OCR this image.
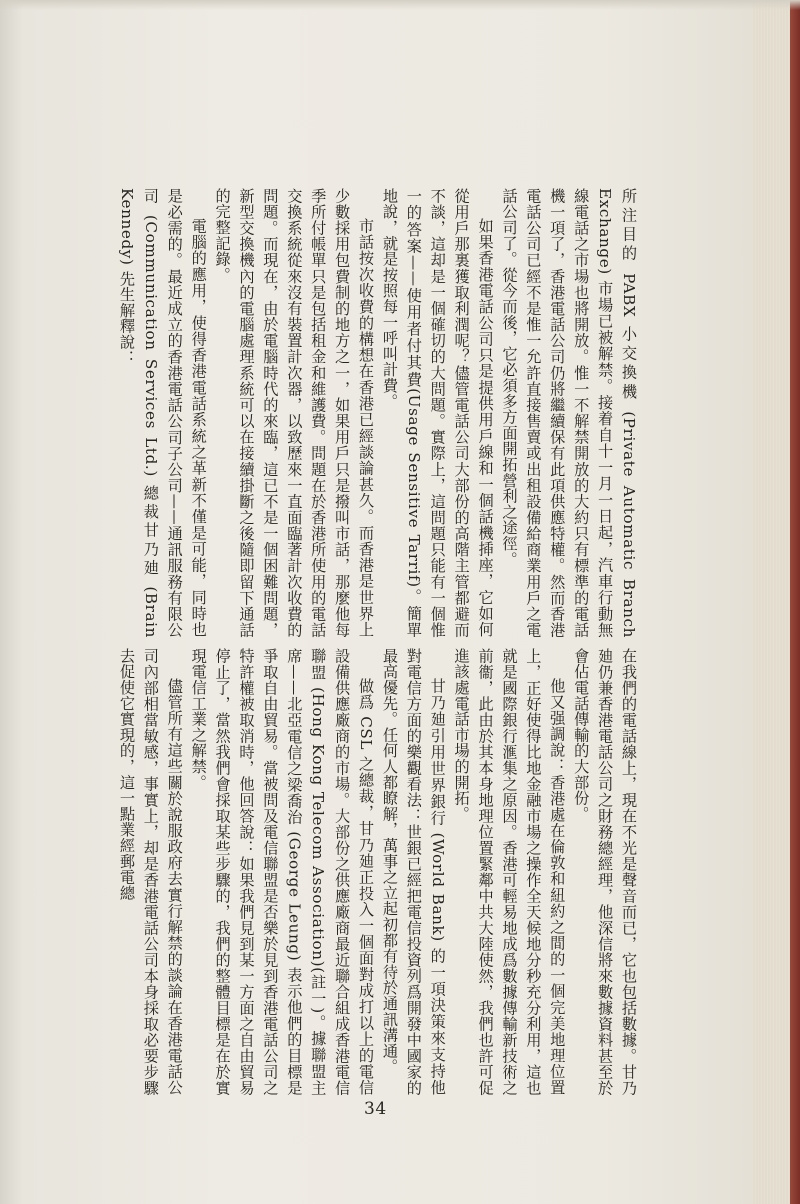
所注目的 PABX 小交換機 (Private Automatic Branch Exchange) 市場已被解禁。接着自十一月一日起，汽車行動無線電話之市場也將開放。惟一不解禁開放的大約只有標準的電話機一項了，香港電話公司仍將繼續保有此項供應特權。然而香港電話公司已經不是惟一允許直接售賣或出租設備給商業用戶之電話公司了。從今而後，它必須多方面開拓營利之途徑。

如果香港電話公司只是提供用戶線和一個話機揷座，它如何從用戶那裏獲取利潤呢？儘管電話公司大部份的高階主管都避而不談，這却是一個確切的大問題。實際上，這問題只能有一個惟一的答案——使用者付其費(Usage Sensitive Tarrif)。簡單地說，就是按照每一呼叫計費。

市話按次收費的構想在香港已經談論甚久。而香港是世界上少數採用包費制的地方之一，如果用戶只是撥叫市話，那麼他每季所付帳單只是包括租金和維護費。問題在於香港所使用的電話交換系統從來沒有裝置計次器，以致歷來一直面臨著計次收費的問題。而現在，由於電腦時代的來臨，這已不是一個困難問題，新型交換機內的電腦處理系統可以在接續掛斷之後隨即留下通話的完整記錄。

電腦的應用，使得香港電話系統之革新不僅是可能，同時也是必需的。最近成立的香港電話公司子公司——通訊服務有限公司 (Communication Services Ltd.) 總裁甘乃廸 (Brain Kennedy) 先生解釋說：

在我們的電話線上，現在不光是聲音而已，它也包括數據。甘乃廸仍兼香港電話公司之財務總經理，他深信將來數據資料甚至於會佔電話傳輸的大部份。

他又强調說：香港處在倫敦和紐約之間的一個完美地理位置上，正好使得比地金融市場之操作全天候地分秒充分利用，這也就是國際銀行滙集之原因。香港可輕易地成爲數據傳輸新技術之前衞，此由於其本身地理位置緊鄰中共大陸使然，我們也許可促進該處電話市場的開拓。

甘乃廸引用世界銀行 (World Bank) 的一項決策來支持他對電信方面的樂觀看法：世銀已經把電信投資列爲開發中國家的最高優先。任何人都瞭解，萬事之立起初都有待於通訊溝通。

做爲 CSL 之總裁，甘乃廸正投入一個面對成打以上的電信設備供應廠商的市場。大部份之供應廠商最近聯合組成香港電信聯盟 (Hong Kong Telecom Association)(註一)。據聯盟主席——北亞電信之梁喬治 (George Leung) 表示他們的目標是爭取自由貿易。當被問及電信聯盟是否樂於見到香港電話公司之特許權被取消時，他回答說：如果我們見到某一方面之自由貿易停止了，當然我們會採取某些步驟的，我們的整體目標是在於實現電信工業之解禁。

儘管所有這些關於說服政府去實行解禁的談論在香港電話公司內部相當敏感，事實上，却是香港電話公司本身採取必要步驟去促使它實現的，這一點業經郵電總

34
